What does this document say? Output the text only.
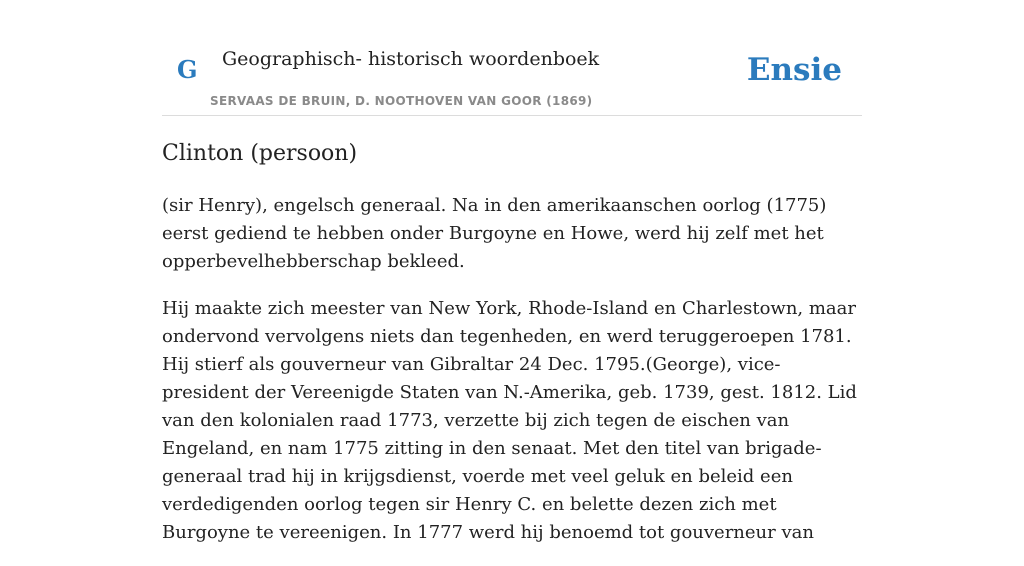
G Geographisch- historisch woordenboek
SERVAAS DE BRUIN, D. NOOTHOVEN VAN GOOR (1869)
Ensie
Clinton (persoon)

(sir Henry), engelsch generaal. Na in den amerikaanschen oorlog (1775) eerst gediend te hebben onder Burgoyne en Howe, werd hij zelf met het opperbevelhebberschap bekleed.

Hij maakte zich meester van New York, Rhode-Island en Charlestown, maar ondervond vervolgens niets dan tegenheden, en werd teruggeroepen 1781. Hij stierf als gouverneur van Gibraltar 24 Dec. 1795.(George), vice-president der Vereenigde Staten van N.-Amerika, geb. 1739, gest. 1812. Lid van den kolonialen raad 1773, verzette bij zich tegen de eischen van Engeland, en nam 1775 zitting in den senaat. Met den titel van brigade-generaal trad hij in krijgsdienst, voerde met veel geluk en beleid een verdedigenden oorlog tegen sir Henry C. en belette dezen zich met Burgoyne te vereenigen. In 1777 werd hij benoemd tot gouverneur van
